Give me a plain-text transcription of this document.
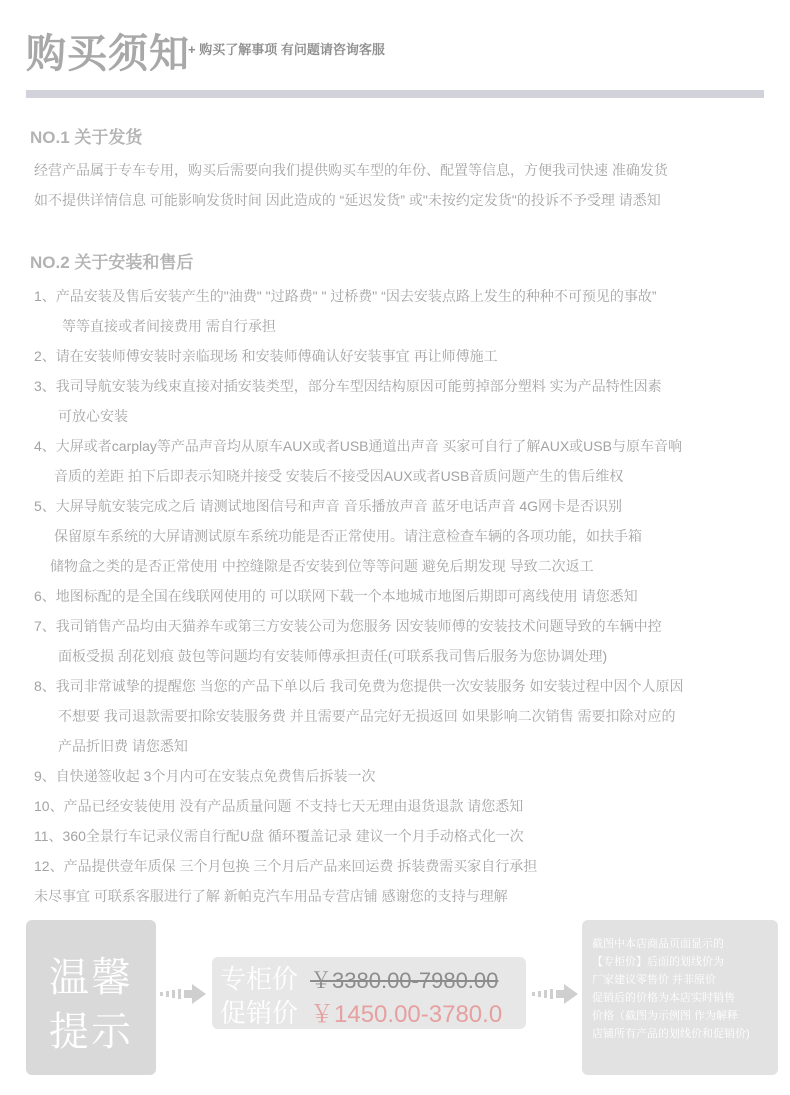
购买须知
+ 购买了解事项 有问题请咨询客服
NO.1 关于发货
经营产品属于专车专用，购买后需要向我们提供购买车型的年份、配置等信息，方便我司快速 准确发货
如不提供详情信息 可能影响发货时间 因此造成的 “延迟发货” 或"未按约定发货"的投诉不予受理 请悉知
NO.2 关于安装和售后
1、产品安装及售后安装产生的"油费" "过路费" " 过桥费" “因去安装点路上发生的种种不可预见的事故”
等等直接或者间接费用 需自行承担
2、请在安装师傅安装时亲临现场 和安装师傅确认好安装事宜 再让师傅施工
3、我司导航安装为线束直接对插安装类型，部分车型因结构原因可能剪掉部分塑料 实为产品特性因素
可放心安装
4、大屏或者carplay等产品声音均从原车AUX或者USB通道出声音 买家可自行了解AUX或USB与原车音响
音质的差距 拍下后即表示知晓并接受 安装后不接受因AUX或者USB音质问题产生的售后维权
5、大屏导航安装完成之后 请测试地图信号和声音 音乐播放声音 蓝牙电话声音 4G网卡是否识别
保留原车系统的大屏请测试原车系统功能是否正常使用。请注意检查车辆的各项功能，如扶手箱
储物盒之类的是否正常使用 中控缝隙是否安装到位等等问题 避免后期发现 导致二次返工
6、地图标配的是全国在线联网使用的 可以联网下载一个本地城市地图后期即可离线使用 请您悉知
7、我司销售产品均由天猫养车或第三方安装公司为您服务 因安装师傅的安装技术问题导致的车辆中控
面板受损 刮花划痕 鼓包等问题均有安装师傅承担责任(可联系我司售后服务为您协调处理)
8、我司非常诚挚的提醒您 当您的产品下单以后 我司免费为您提供一次安装服务 如安装过程中因个人原因
不想要 我司退款需要扣除安装服务费 并且需要产品完好无损返回 如果影响二次销售 需要扣除对应的
产品折旧费 请您悉知
9、自快递签收起 3个月内可在安装点免费售后拆装一次
10、产品已经安装使用 没有产品质量问题 不支持七天无理由退货退款 请您悉知
11、360全景行车记录仪需自行配U盘 循环覆盖记录 建议一个月手动格式化一次
12、产品提供壹年质保 三个月包换 三个月后产品来回运费 拆装费需买家自行承担
未尽事宜 可联系客服进行了解 新帕克汽车用品专营店铺 感谢您的支持与理解
温馨
提示
专柜价 ￥3380.00-7980.00
促销价 ￥1450.00-3780.0
截图中本店商品页面显示的
【专柜价】后面的划线价为
厂家建议零售价 并非原价
促销后的价格为本店实时销售
价格（截图为示例图 作为解释
店铺所有产品的划线价和促销价)
